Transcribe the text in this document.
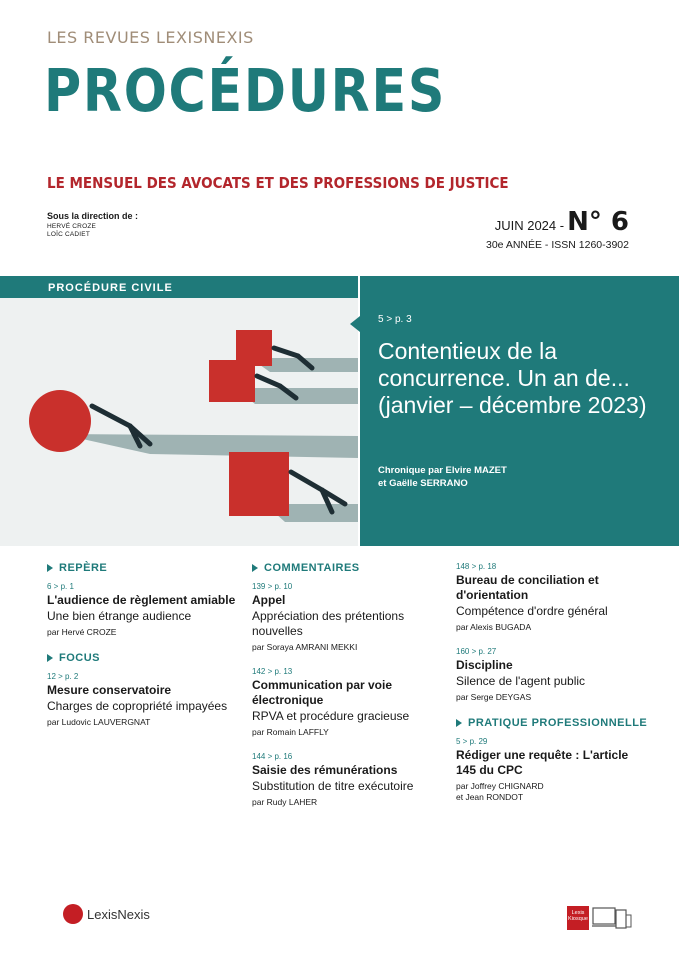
LES REVUES LEXISNEXIS
PROCÉDURES
LE MENSUEL DES AVOCATS ET DES PROFESSIONS DE JUSTICE
Sous la direction de :
HERVÉ CROZE
LOÏC CADIET
JUIN 2024 - N° 6
30e ANNÉE - ISSN 1260-3902
PROCÉDURE CIVILE
5 > p. 3
Contentieux de la concurrence. Un an de... (janvier – décembre 2023)
Chronique par Elvire MAZET
et Gaëlle SERRANO
REPÈRE
6 > p. 1
L'audience de règlement amiable
Une bien étrange audience
par Hervé CROZE
FOCUS
12 > p. 2
Mesure conservatoire
Charges de copropriété impayées
par Ludovic LAUVERGNAT
COMMENTAIRES
139 > p. 10
Appel
Appréciation des prétentions nouvelles
par Soraya AMRANI MEKKI
142 > p. 13
Communication par voie électronique
RPVA et procédure gracieuse
par Romain LAFFLY
144 > p. 16
Saisie des rémunérations
Substitution de titre exécutoire
par Rudy LAHER
148 > p. 18
Bureau de conciliation et d'orientation
Compétence d'ordre général
par Alexis BUGADA
160 > p. 27
Discipline
Silence de l'agent public
par Serge DEYGAS
PRATIQUE PROFESSIONNELLE
5 > p. 29
Rédiger une requête : L'article 145 du CPC
par Joffrey CHIGNARD
et Jean RONDOT
LexisNexis	Lexis Kiosque
